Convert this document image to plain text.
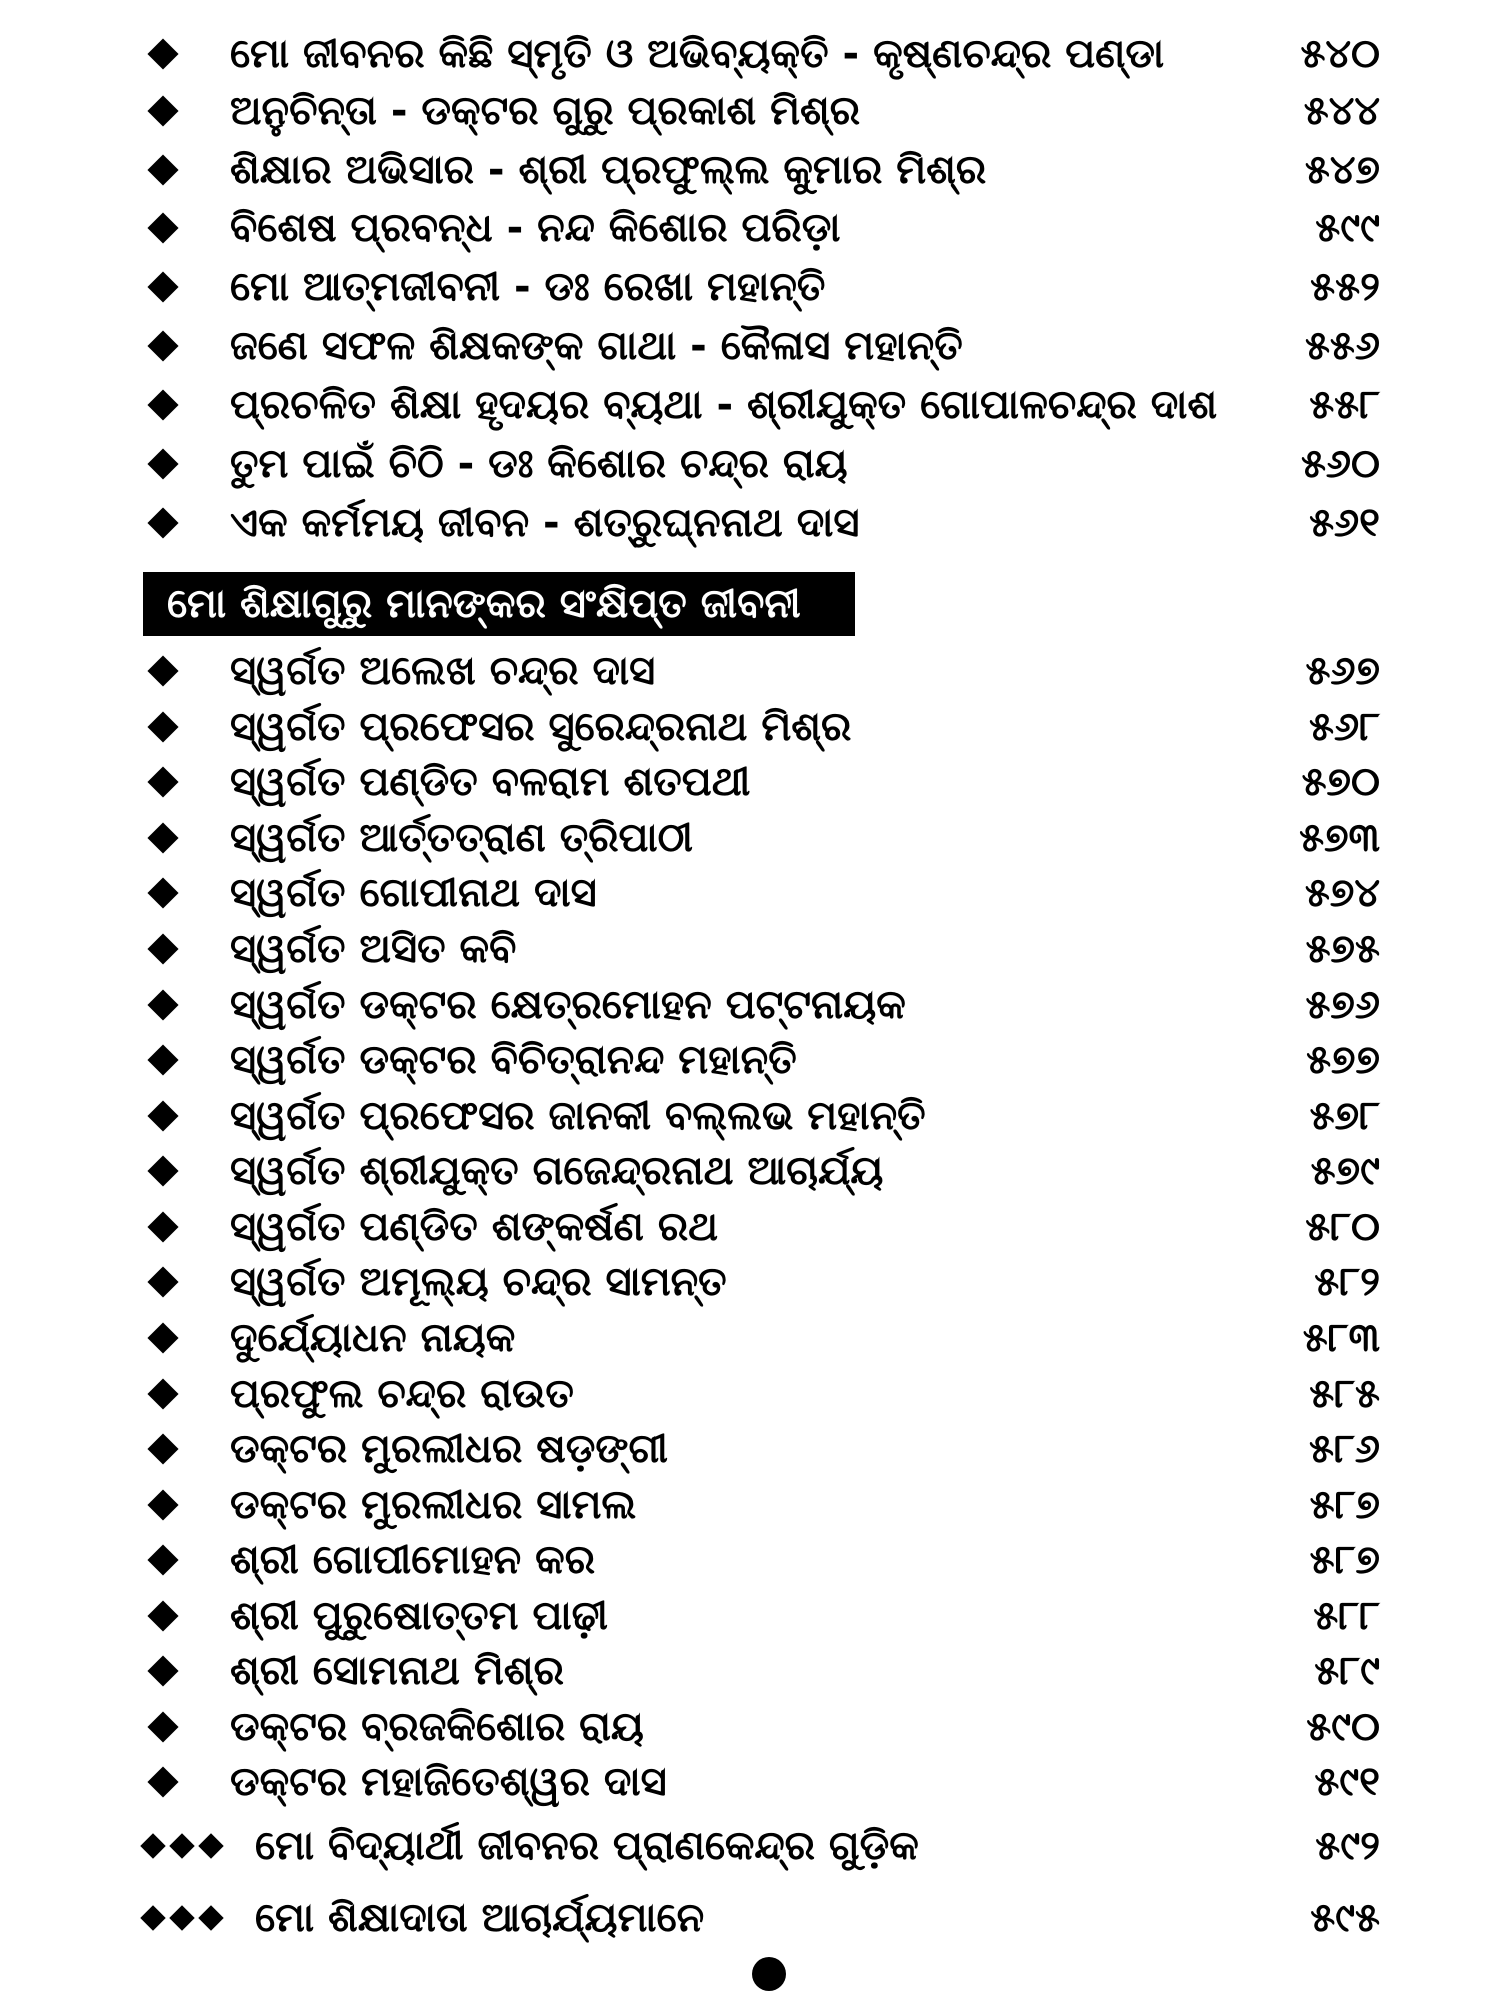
ମୋ ଜୀବନର କିଛି ସ୍ମୃତି ଓ ଅଭିବ୍ୟକ୍ତି - କୃଷ୍ଣଚନ୍ଦ୍ର ପଣ୍ଡା	୫୪୦
ଅନୁଚିନ୍ତା - ଡକ୍ଟର ଗୁରୁ ପ୍ରକାଶ ମିଶ୍ର	୫୪୪
ଶିକ୍ଷାର ଅଭିସାର - ଶ୍ରୀ ପ୍ରଫୁଲ୍ଲ କୁମାର ମିଶ୍ର	୫୪୭
ବିଶେଷ ପ୍ରବନ୍ଧ - ନନ୍ଦ କିଶୋର ପରିଡ଼ା	୫୯୯
ମୋ ଆତ୍ମଜୀବନୀ - ଡଃ ରେଖା ମହାନ୍ତି	୫୫୨
ଜଣେ ସଫଳ ଶିକ୍ଷକଙ୍କ ଗାଥା - କୈଳାସ ମହାନ୍ତି	୫୫୬
ପ୍ରଚଳିତ ଶିକ୍ଷା ହୃଦୟର ବ୍ୟଥା - ଶ୍ରୀଯୁକ୍ତ ଗୋପାଳଚନ୍ଦ୍ର ଦାଶ	୫୫୮
ତୁମ ପାଇଁ ଚିଠି - ଡଃ କିଶୋର ଚନ୍ଦ୍ର ରାୟ	୫୬୦
ଏକ କର୍ମମୟ ଜୀବନ - ଶତ୍ରୁଘ୍ନନାଥ ଦାସ	୫୬୧
ମୋ ଶିକ୍ଷାଗୁରୁ ମାନଙ୍କର ସଂକ୍ଷିପ୍ତ ଜୀବନୀ
ସ୍ୱର୍ଗତ ଅଲେଖ ଚନ୍ଦ୍ର ଦାସ	୫୬୭
ସ୍ୱର୍ଗତ ପ୍ରଫେସର ସୁରେନ୍ଦ୍ରନାଥ ମିଶ୍ର	୫୬୮
ସ୍ୱର୍ଗତ ପଣ୍ଡିତ ବଳରାମ ଶତପଥୀ	୫୭୦
ସ୍ୱର୍ଗତ ଆର୍ତ୍ତତ୍ରାଣ ତ୍ରିପାଠୀ	୫୭୩
ସ୍ୱର୍ଗତ ଗୋପୀନାଥ ଦାସ	୫୭୪
ସ୍ୱର୍ଗତ ଅସିତ କବି	୫୭୫
ସ୍ୱର୍ଗତ ଡକ୍ଟର କ୍ଷେତ୍ରମୋହନ ପଟ୍ଟନାୟକ	୫୭୬
ସ୍ୱର୍ଗତ ଡକ୍ଟର ବିଚିତ୍ରାନନ୍ଦ ମହାନ୍ତି	୫୭୭
ସ୍ୱର୍ଗତ ପ୍ରଫେସର ଜାନକୀ ବଲ୍ଲଭ ମହାନ୍ତି	୫୭୮
ସ୍ୱର୍ଗତ ଶ୍ରୀଯୁକ୍ତ ଗଜେନ୍ଦ୍ରନାଥ ଆଚାର୍ଯ୍ୟ	୫୭୯
ସ୍ୱର୍ଗତ ପଣ୍ଡିତ ଶଙ୍କର୍ଷଣ ରଥ	୫୮୦
ସ୍ୱର୍ଗତ ଅମୂଲ୍ୟ ଚନ୍ଦ୍ର ସାମନ୍ତ	୫୮୨
ଦୁର୍ଯ୍ୟୋଧନ ନାୟକ	୫୮୩
ପ୍ରଫୁଲ ଚନ୍ଦ୍ର ରାଉତ	୫୮୫
ଡକ୍ଟର ମୁରଲୀଧର ଷଡ଼ଙ୍ଗୀ	୫୮୬
ଡକ୍ଟର ମୁରଲୀଧର ସାମଲ	୫୮୭
ଶ୍ରୀ ଗୋପୀମୋହନ କର	୫୮୭
ଶ୍ରୀ ପୁରୁଷୋତ୍ତମ ପାଢ଼ୀ	୫୮୮
ଶ୍ରୀ ସୋମନାଥ ମିଶ୍ର	୫୮୯
ଡକ୍ଟର ବ୍ରଜକିଶୋର ରାୟ	୫୯୦
ଡକ୍ଟର ମହାଜିତେଶ୍ୱର ଦାସ	୫୯୧
ମୋ ବିଦ୍ୟାର୍ଥୀ ଜୀବନର ପ୍ରାଣକେନ୍ଦ୍ର ଗୁଡ଼ିକ	୫୯୨
ମୋ ଶିକ୍ଷାଦାତା ଆଚାର୍ଯ୍ୟମାନେ	୫୯୫
